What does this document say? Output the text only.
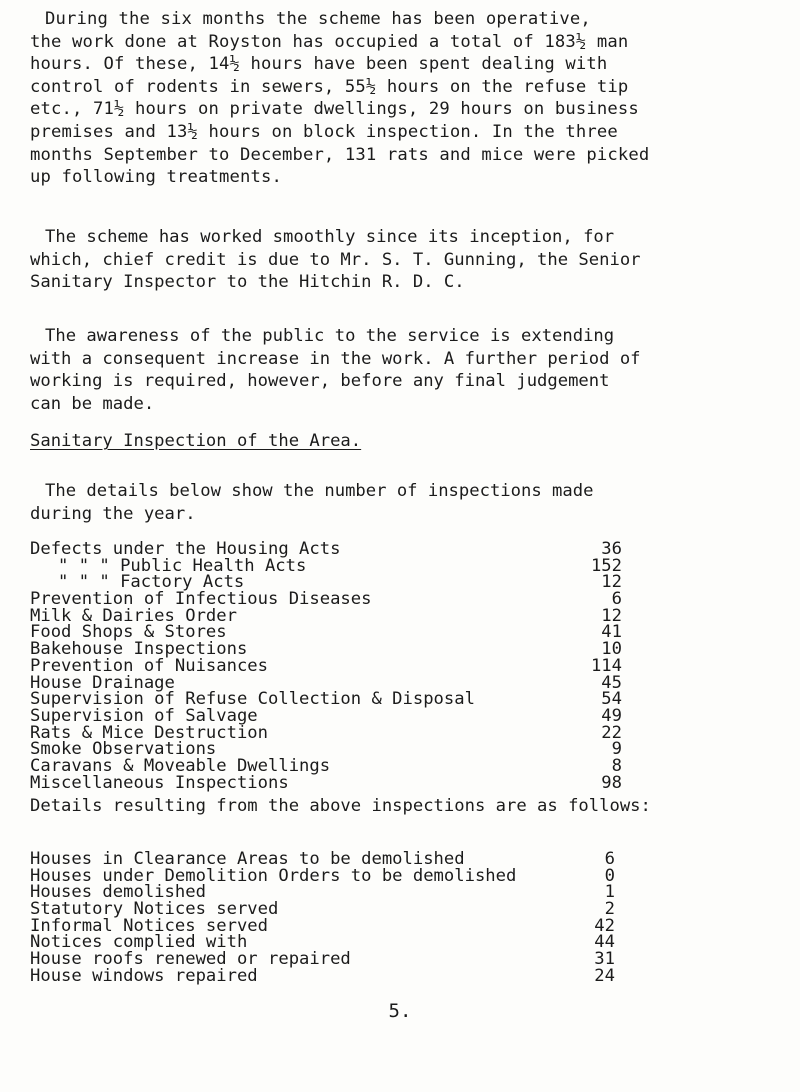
During the six months the scheme has been operative,
the work done at Royston has occupied a total of 183½ man
hours. Of these, 14½ hours have been spent dealing with
control of rodents in sewers, 55½ hours on the refuse tip
etc., 71½ hours on private dwellings, 29 hours on business
premises and 13½ hours on block inspection. In the three
months September to December, 131 rats and mice were picked
up following treatments.

The scheme has worked smoothly since its inception, for
which, chief credit is due to Mr. S. T. Gunning, the Senior
Sanitary Inspector to the Hitchin R. D. C.

The awareness of the public to the service is extending
with a consequent increase in the work. A further period of
working is required, however, before any final judgement
can be made.

Sanitary Inspection of the Area.

The details below show the number of inspections made
during the year.

Defects under the Housing Acts	36
" " " Public Health Acts	152
" " " Factory Acts	12
Prevention of Infectious Diseases	6
Milk & Dairies Order	12
Food Shops & Stores	41
Bakehouse Inspections	10
Prevention of Nuisances	114
House Drainage	45
Supervision of Refuse Collection & Disposal	54
Supervision of Salvage	49
Rats & Mice Destruction	22
Smoke Observations	9
Caravans & Moveable Dwellings	8
Miscellaneous Inspections	98

Details resulting from the above inspections are as follows:

Houses in Clearance Areas to be demolished	6
Houses under Demolition Orders to be demolished	0
Houses demolished	1
Statutory Notices served	2
Informal Notices served	42
Notices complied with	44
House roofs renewed or repaired	31
House windows repaired	24
5.
